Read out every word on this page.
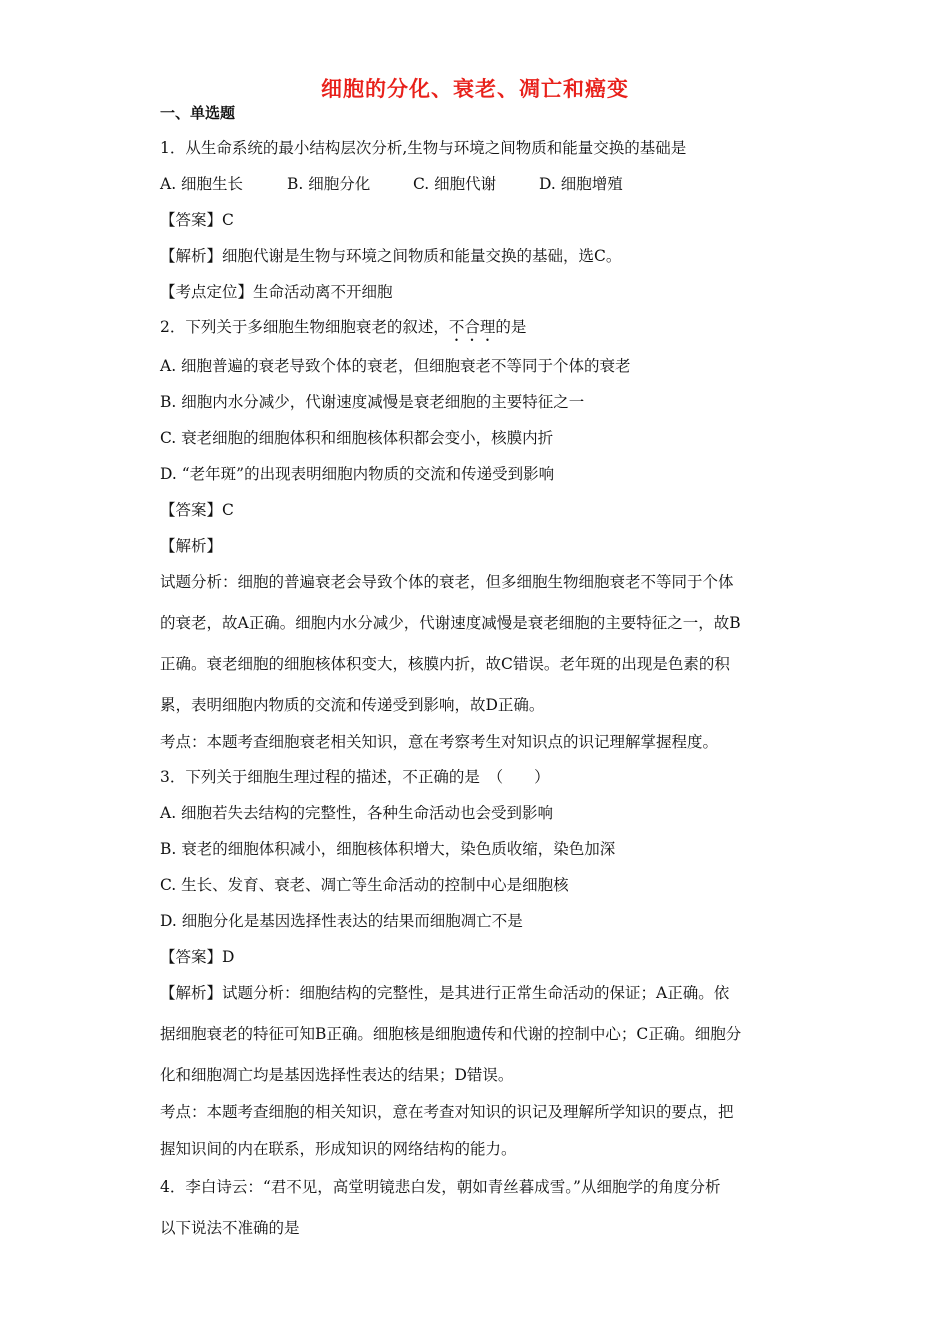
细胞的分化、衰老、凋亡和癌变
一、单选题
1．从生命系统的最小结构层次分析,生物与环境之间物质和能量交换的基础是
A. 细胞生长	B. 细胞分化	C. 细胞代谢	D. 细胞增殖
【答案】C
【解析】细胞代谢是生物与环境之间物质和能量交换的基础，选C。
【考点定位】生命活动离不开细胞
2．下列关于多细胞生物细胞衰老的叙述，不合理的是
A. 细胞普遍的衰老导致个体的衰老，但细胞衰老不等同于个体的衰老
B. 细胞内水分减少，代谢速度减慢是衰老细胞的主要特征之一
C. 衰老细胞的细胞体积和细胞核体积都会变小，核膜内折
D. “老年斑”的出现表明细胞内物质的交流和传递受到影响
【答案】C
【解析】
试题分析：细胞的普遍衰老会导致个体的衰老，但多细胞生物细胞衰老不等同于个体
的衰老，故A正确。细胞内水分减少，代谢速度减慢是衰老细胞的主要特征之一，故B
正确。衰老细胞的细胞核体积变大，核膜内折，故C错误。老年斑的出现是色素的积
累，表明细胞内物质的交流和传递受到影响，故D正确。
考点：本题考查细胞衰老相关知识，意在考察考生对知识点的识记理解掌握程度。
3．下列关于细胞生理过程的描述，不正确的是　（　　）
A. 细胞若失去结构的完整性，各种生命活动也会受到影响
B. 衰老的细胞体积减小，细胞核体积增大，染色质收缩，染色加深
C. 生长、发育、衰老、凋亡等生命活动的控制中心是细胞核
D. 细胞分化是基因选择性表达的结果而细胞凋亡不是
【答案】D
【解析】试题分析：细胞结构的完整性，是其进行正常生命活动的保证；A正确。依
据细胞衰老的特征可知B正确。细胞核是细胞遗传和代谢的控制中心；C正确。细胞分
化和细胞凋亡均是基因选择性表达的结果；D错误。
考点：本题考查细胞的相关知识，意在考查对知识的识记及理解所学知识的要点，把
握知识间的内在联系，形成知识的网络结构的能力。
4．李白诗云：“君不见，高堂明镜悲白发，朝如青丝暮成雪。”从细胞学的角度分析
以下说法不准确的是
